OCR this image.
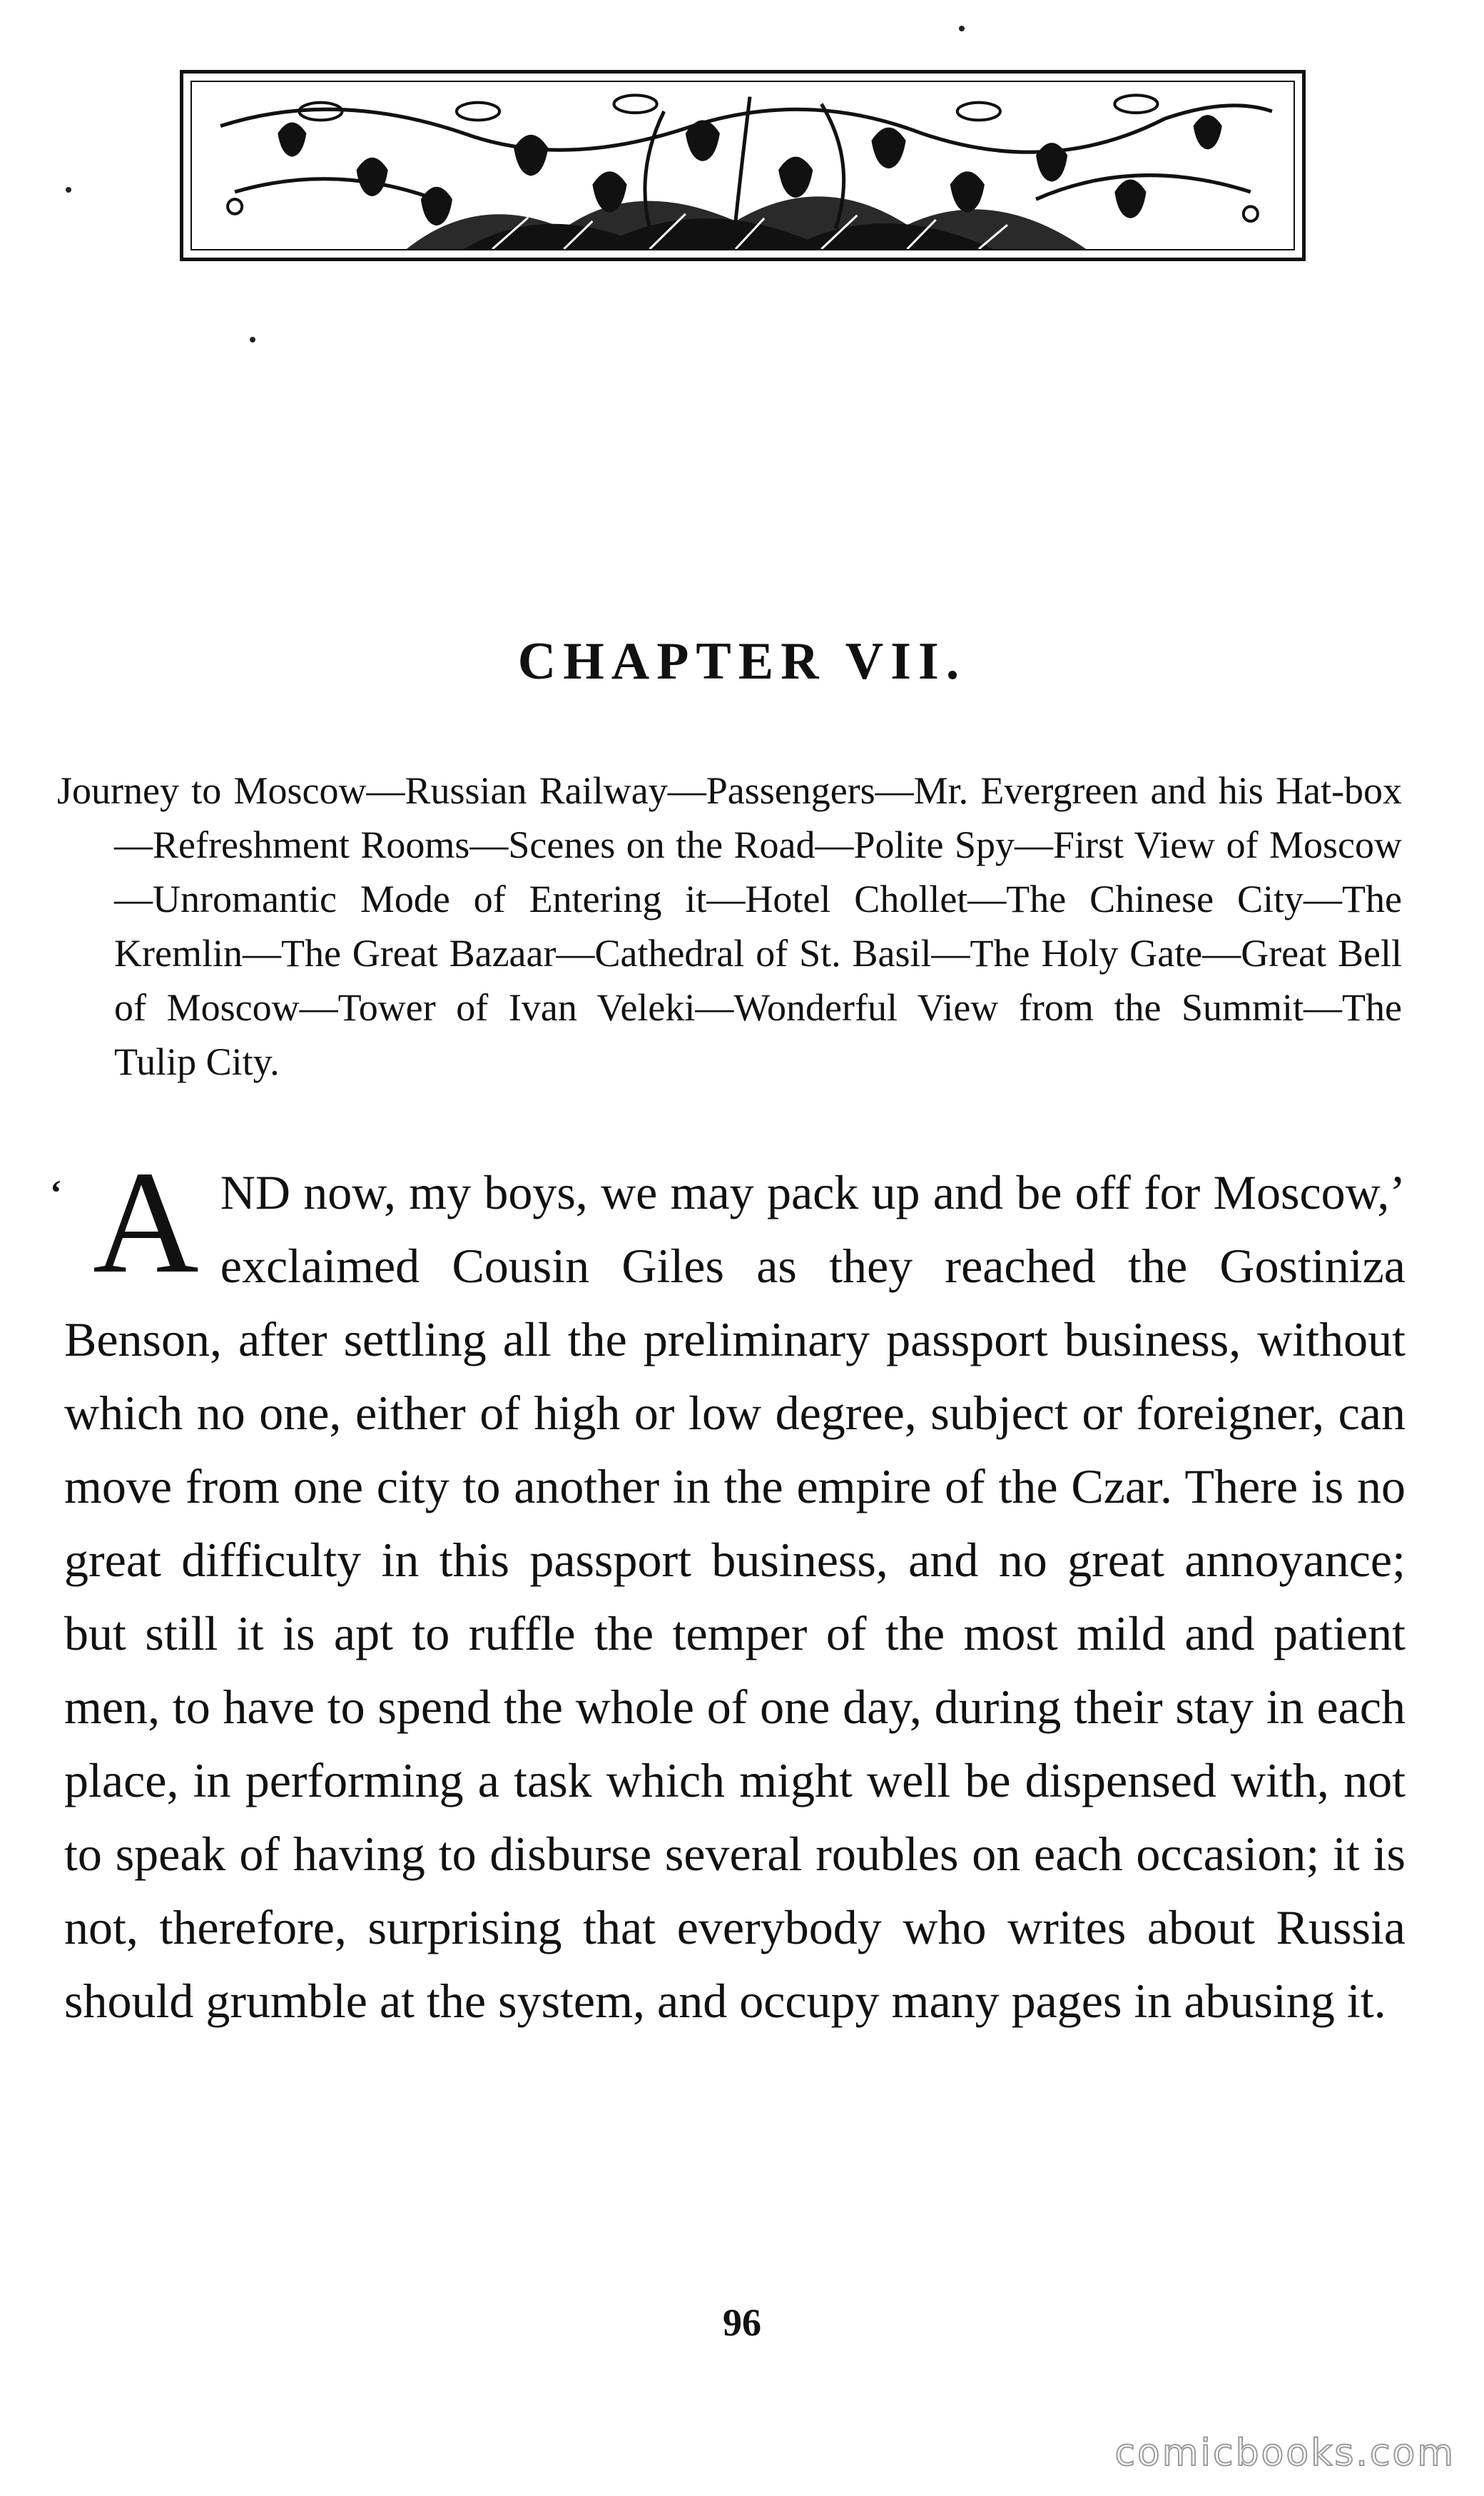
CHAPTER VII.
Journey to Moscow—Russian Railway—Passengers—Mr. Evergreen and his Hat-box—Refreshment Rooms—Scenes on the Road—Polite Spy—First View of Moscow—Unromantic Mode of Entering it—Hotel Chollet—The Chinese City—The Kremlin—The Great Bazaar—Cathedral of St. Basil—The Holy Gate—Great Bell of Moscow—Tower of Ivan Veleki—Wonderful View from the Summit—The Tulip City.
‘ A ND now, my boys, we may pack up and be off for Moscow,’ exclaimed Cousin Giles as they reached the Gostiniza Benson, after settling all the preliminary passport business, without which no one, either of high or low degree, subject or foreigner, can move from one city to another in the empire of the Czar. There is no great difficulty in this passport business, and no great annoyance; but still it is apt to ruffle the temper of the most mild and patient men, to have to spend the whole of one day, during their stay in each place, in performing a task which might well be dispensed with, not to speak of having to disburse several roubles on each occasion; it is not, therefore, surprising that everybody who writes about Russia should grumble at the system, and occupy many pages in abusing it.
96
comicbooks.com
